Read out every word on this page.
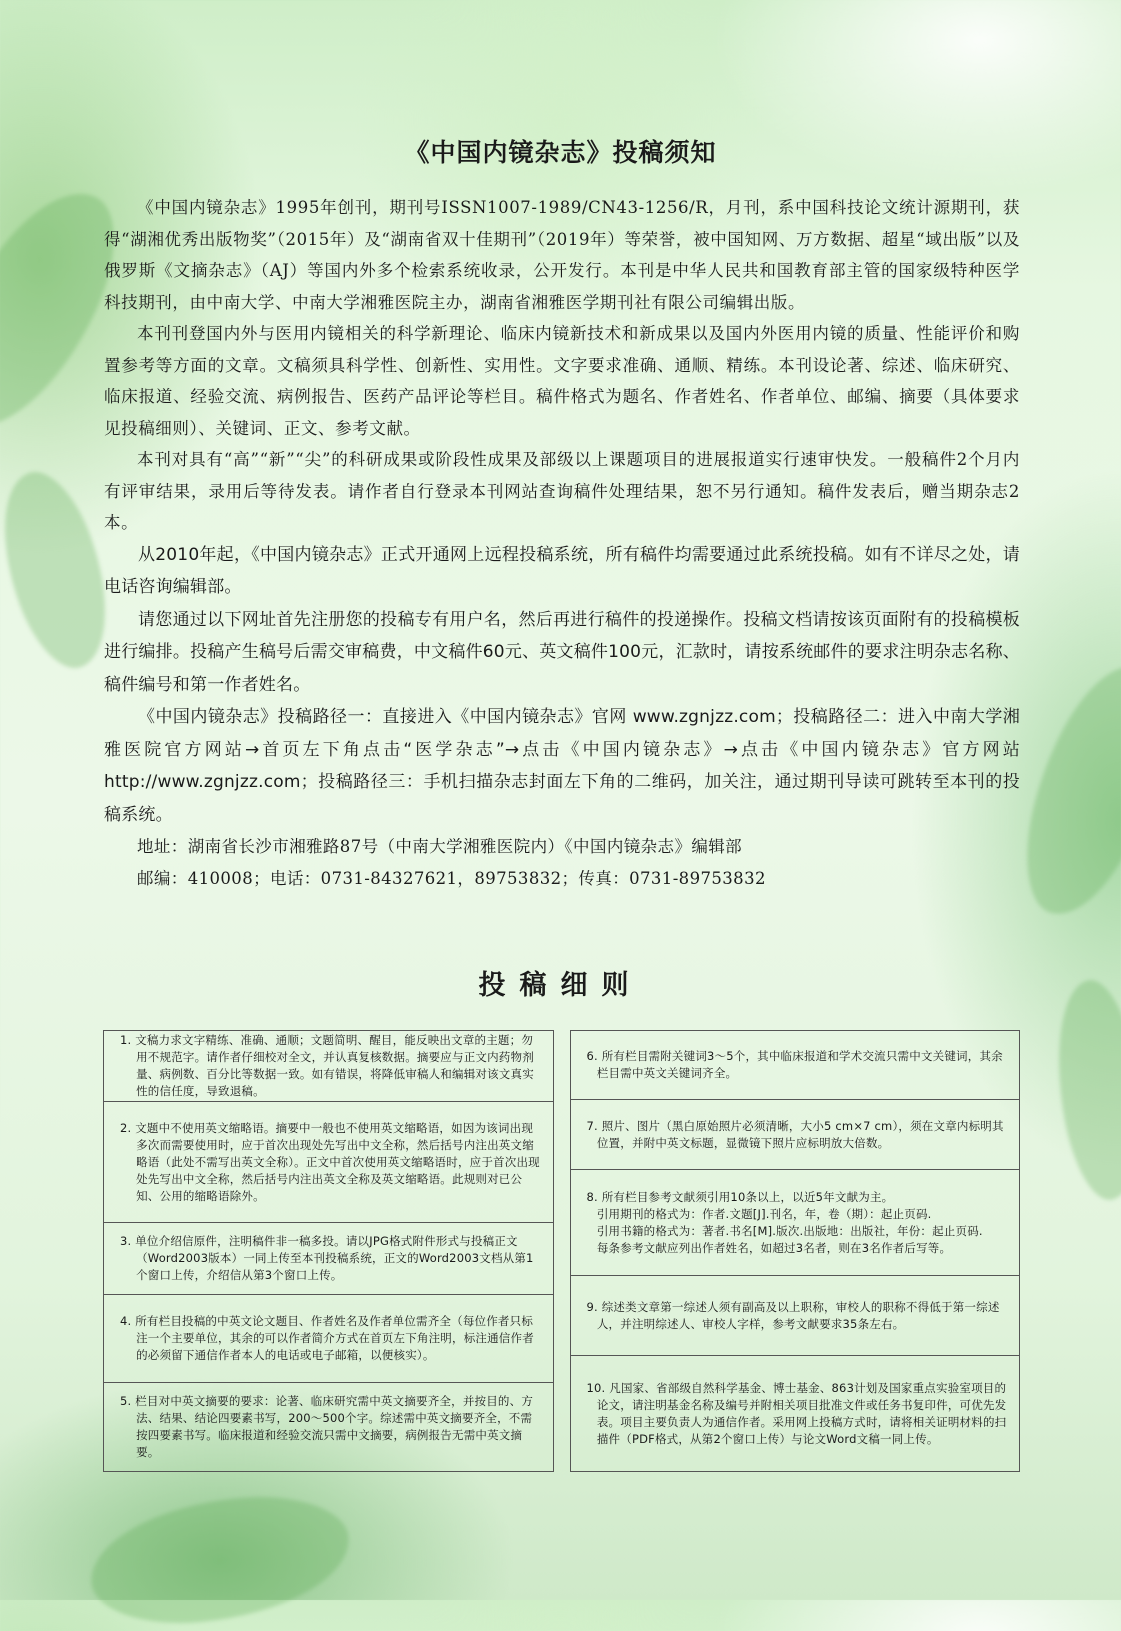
《中国内镜杂志》投稿须知

《中国内镜杂志》1995年创刊，期刊号ISSN1007-1989/CN43-1256/R，月刊，系中国科技论文统计源期刊，获得“湖湘优秀出版物奖”（2015年）及“湖南省双十佳期刊”（2019年）等荣誉，被中国知网、万方数据、超星“域出版”以及俄罗斯《文摘杂志》（AJ）等国内外多个检索系统收录，公开发行。本刊是中华人民共和国教育部主管的国家级特种医学科技期刊，由中南大学、中南大学湘雅医院主办，湖南省湘雅医学期刊社有限公司编辑出版。

本刊刊登国内外与医用内镜相关的科学新理论、临床内镜新技术和新成果以及国内外医用内镜的质量、性能评价和购置参考等方面的文章。文稿须具科学性、创新性、实用性。文字要求准确、通顺、精练。本刊设论著、综述、临床研究、临床报道、经验交流、病例报告、医药产品评论等栏目。稿件格式为题名、作者姓名、作者单位、邮编、摘要（具体要求见投稿细则）、关键词、正文、参考文献。

本刊对具有“高”“新”“尖”的科研成果或阶段性成果及部级以上课题项目的进展报道实行速审快发。一般稿件2个月内有评审结果，录用后等待发表。请作者自行登录本刊网站查询稿件处理结果，恕不另行通知。稿件发表后，赠当期杂志2本。

从2010年起，《中国内镜杂志》正式开通网上远程投稿系统，所有稿件均需要通过此系统投稿。如有不详尽之处，请电话咨询编辑部。

请您通过以下网址首先注册您的投稿专有用户名，然后再进行稿件的投递操作。投稿文档请按该页面附有的投稿模板进行编排。投稿产生稿号后需交审稿费，中文稿件60元、英文稿件100元，汇款时，请按系统邮件的要求注明杂志名称、稿件编号和第一作者姓名。

《中国内镜杂志》投稿路径一：直接进入《中国内镜杂志》官网 www.zgnjzz.com；投稿路径二：进入中南大学湘雅医院官方网站→首页左下角点击“医学杂志”→点击《中国内镜杂志》→点击《中国内镜杂志》官方网站 http://www.zgnjzz.com；投稿路径三：手机扫描杂志封面左下角的二维码，加关注，通过期刊导读可跳转至本刊的投稿系统。

地址：湖南省长沙市湘雅路87号（中南大学湘雅医院内）《中国内镜杂志》编辑部

邮编：410008；电话：0731-84327621，89753832；传真：0731-89753832

投稿细则
1. 文稿力求文字精练、准确、通顺；文题简明、醒目，能反映出文章的主题；勿用不规范字。请作者仔细校对全文，并认真复核数据。摘要应与正文内药物剂量、病例数、百分比等数据一致。如有错误，将降低审稿人和编辑对该文真实性的信任度，导致退稿。
2. 文题中不使用英文缩略语。摘要中一般也不使用英文缩略语，如因为该词出现多次而需要使用时，应于首次出现处先写出中文全称，然后括号内注出英文缩略语（此处不需写出英文全称）。正文中首次使用英文缩略语时，应于首次出现处先写出中文全称，然后括号内注出英文全称及英文缩略语。此规则对已公知、公用的缩略语除外。
3. 单位介绍信原件，注明稿件非一稿多投。请以JPG格式附件形式与投稿正文（Word2003版本）一同上传至本刊投稿系统，正文的Word2003文档从第1个窗口上传，介绍信从第3个窗口上传。
4. 所有栏目投稿的中英文论文题目、作者姓名及作者单位需齐全（每位作者只标注一个主要单位，其余的可以作者简介方式在首页左下角注明，标注通信作者的必须留下通信作者本人的电话或电子邮箱，以便核实）。
5. 栏目对中英文摘要的要求：论著、临床研究需中英文摘要齐全，并按目的、方法、结果、结论四要素书写，200～500个字。综述需中英文摘要齐全，不需按四要素书写。临床报道和经验交流只需中文摘要，病例报告无需中英文摘要。
6. 所有栏目需附关键词3～5个，其中临床报道和学术交流只需中文关键词，其余栏目需中英文关键词齐全。
7. 照片、图片（黑白原始照片必须清晰，大小5 cm×7 cm），须在文章内标明其位置，并附中英文标题，显微镜下照片应标明放大倍数。
8. 所有栏目参考文献须引用10条以上，以近5年文献为主。
引用期刊的格式为：作者.文题[J].刊名，年，卷（期）：起止页码.
引用书籍的格式为：著者.书名[M].版次.出版地：出版社，年份：起止页码.
每条参考文献应列出作者姓名，如超过3名者，则在3名作者后写等。
9. 综述类文章第一综述人须有副高及以上职称，审校人的职称不得低于第一综述人，并注明综述人、审校人字样，参考文献要求35条左右。
10. 凡国家、省部级自然科学基金、博士基金、863计划及国家重点实验室项目的论文，请注明基金名称及编号并附相关项目批准文件或任务书复印件，可优先发表。项目主要负责人为通信作者。采用网上投稿方式时，请将相关证明材料的扫描件（PDF格式，从第2个窗口上传）与论文Word文稿一同上传。
